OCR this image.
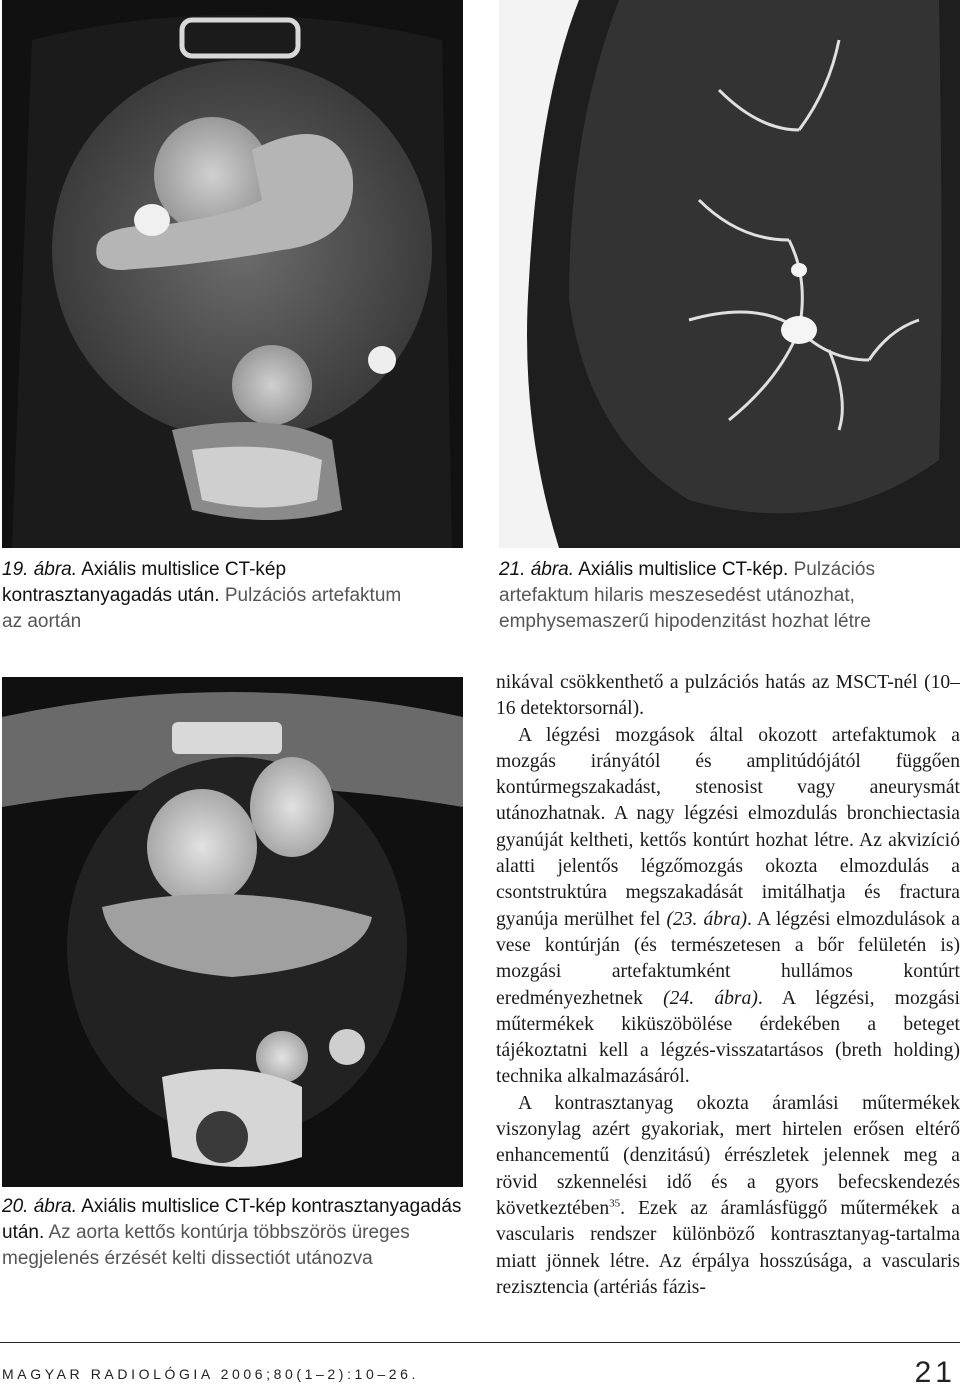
19. ábra. Axiális multislice CT-kép kontrasztanyagadás után. Pulzációs artefaktum az aortán
21. ábra. Axiális multislice CT-kép. Pulzációs artefaktum hilaris meszesedést utánozhat, emphysemaszerű hipodenzitást hozhat létre
20. ábra. Axiális multislice CT-kép kontrasztanyagadás után. Az aorta kettős kontúrja többszörös üreges megjelenés érzését kelti dissectiót utánozva

nikával csökkenthető a pulzációs hatás az MSCT-nél (10–16 detektorsornál).

A légzési mozgások által okozott artefaktumok a mozgás irányától és amplitúdójától függően kontúrmegszakadást, stenosist vagy aneurysmát utánozhatnak. A nagy légzési elmozdulás bronchiectasia gyanúját keltheti, kettős kontúrt hozhat létre. Az akvizíció alatti jelentős légzőmozgás okozta elmozdulás a csontstruktúra megszakadását imitálhatja és fractura gyanúja merülhet fel (23. ábra). A légzési elmozdulások a vese kontúrján (és természetesen a bőr felületén is) mozgási artefaktumként hullámos kontúrt eredményezhetnek (24. ábra). A légzési, mozgási műtermékek kiküszöbölése érdekében a beteget tájékoztatni kell a légzés-visszatartásos (breth holding) technika alkalmazásáról.

A kontrasztanyag okozta áramlási műtermékek viszonylag azért gyakoriak, mert hirtelen erősen eltérő enhancementű (denzitású) érrészletek jelennek meg a rövid szkennelési idő és a gyors befecskendezés következtében$^{35}$. Ezek az áramlásfüggő műtermékek a vascularis rendszer különböző kontrasztanyag-tartalma miatt jönnek létre. Az érpálya hosszúsága, a vascularis rezisztencia (artériás fázis-

MAGYAR RADIOLÓGIA 2006;80(1–2):10–26.	21
